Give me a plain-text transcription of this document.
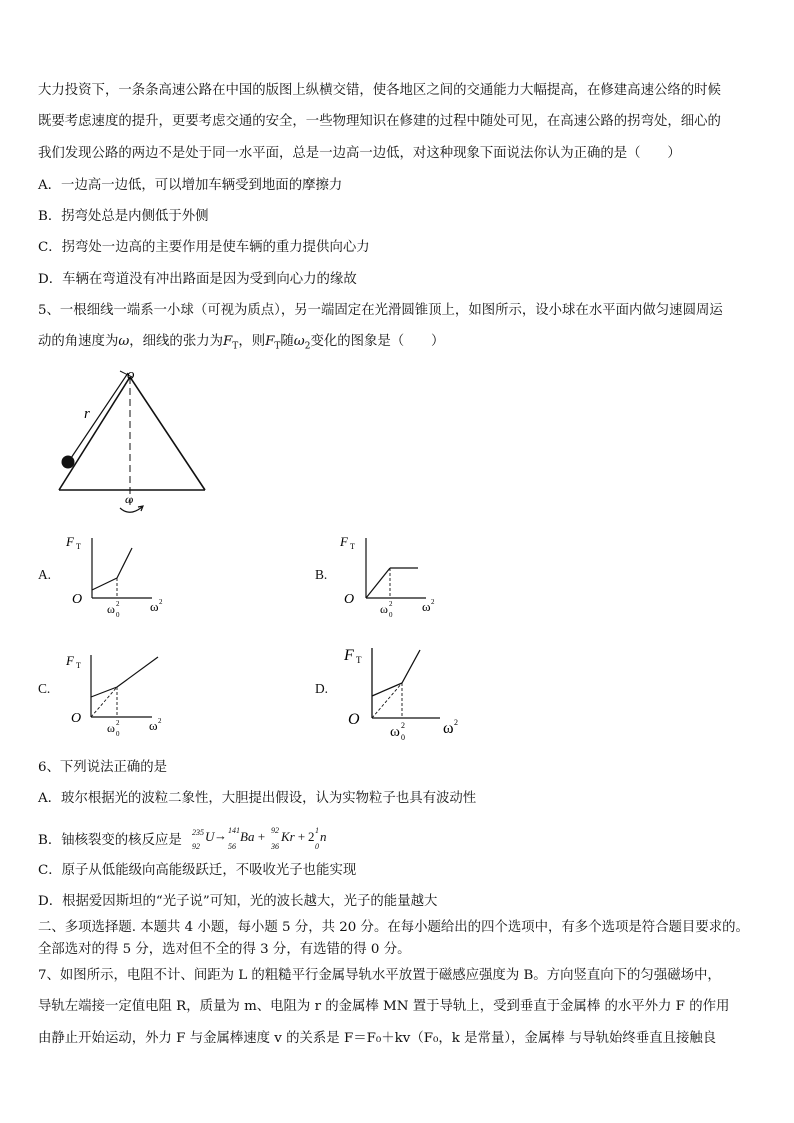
大力投资下，一条条高速公路在中国的版图上纵横交错，使各地区之间的交通能力大幅提高，在修建高速公络的时候
既要考虑速度的提升，更要考虑交通的安全，一些物理知识在修建的过程中随处可见，在高速公路的拐弯处，细心的
我们发现公路的两边不是处于同一水平面，总是一边高一边低，对这种现象下面说法你认为正确的是（　　）
A．一边高一边低，可以增加车辆受到地面的摩擦力
B．拐弯处总是内侧低于外侧
C．拐弯处一边高的主要作用是使车辆的重力提供向心力
D．车辆在弯道没有冲出路面是因为受到向心力的缘故
5、一根细线一端系一小球（可视为质点），另一端固定在光滑圆锥顶上，如图所示，设小球在水平面内做匀速圆周运
动的角速度为ω，细线的张力为$F_T$，则$F_T$随$\omega_2$变化的图象是（　　）
o
r
ω
A.
F T
O
ω 2
0
ω 2
B.
F T
O
ω 2
0
ω 2
C.
F T
O
ω 2
0
ω 2
D.
F T
O
ω 2
0
ω 2
6、下列说法正确的是
A．玻尔根据光的波粒二象性，大胆提出假设，认为实物粒子也具有波动性
B．铀核裂变的核反应是
235
92
U → 141
56
Ba + 92
36
Kr + 2 1
0
n
C．原子从低能级向高能级跃迁，不吸收光子也能实现
D．根据爱因斯坦的“光子说”可知，光的波长越大，光子的能量越大
二、多项选择题. 本题共 4 小题，每小题 5 分，共 20 分。在每小题给出的四个选项中，有多个选项是符合题目要求的。
全部选对的得 5 分，选对但不全的得 3 分，有选错的得 0 分。
7、如图所示，电阻不计、间距为 L 的粗糙平行金属导轨水平放置于磁感应强度为 B。方向竖直向下的匀强磁场中，
导轨左端接一定值电阻 R，质量为 m、电阻为 r 的金属棒 MN 置于导轨上，受到垂直于金属棒 的水平外力 F 的作用
由静止开始运动，外力 F 与金属棒速度 v 的关系是 F＝F₀＋kv（F₀，k 是常量），金属棒 与导轨始终垂直且接触良
